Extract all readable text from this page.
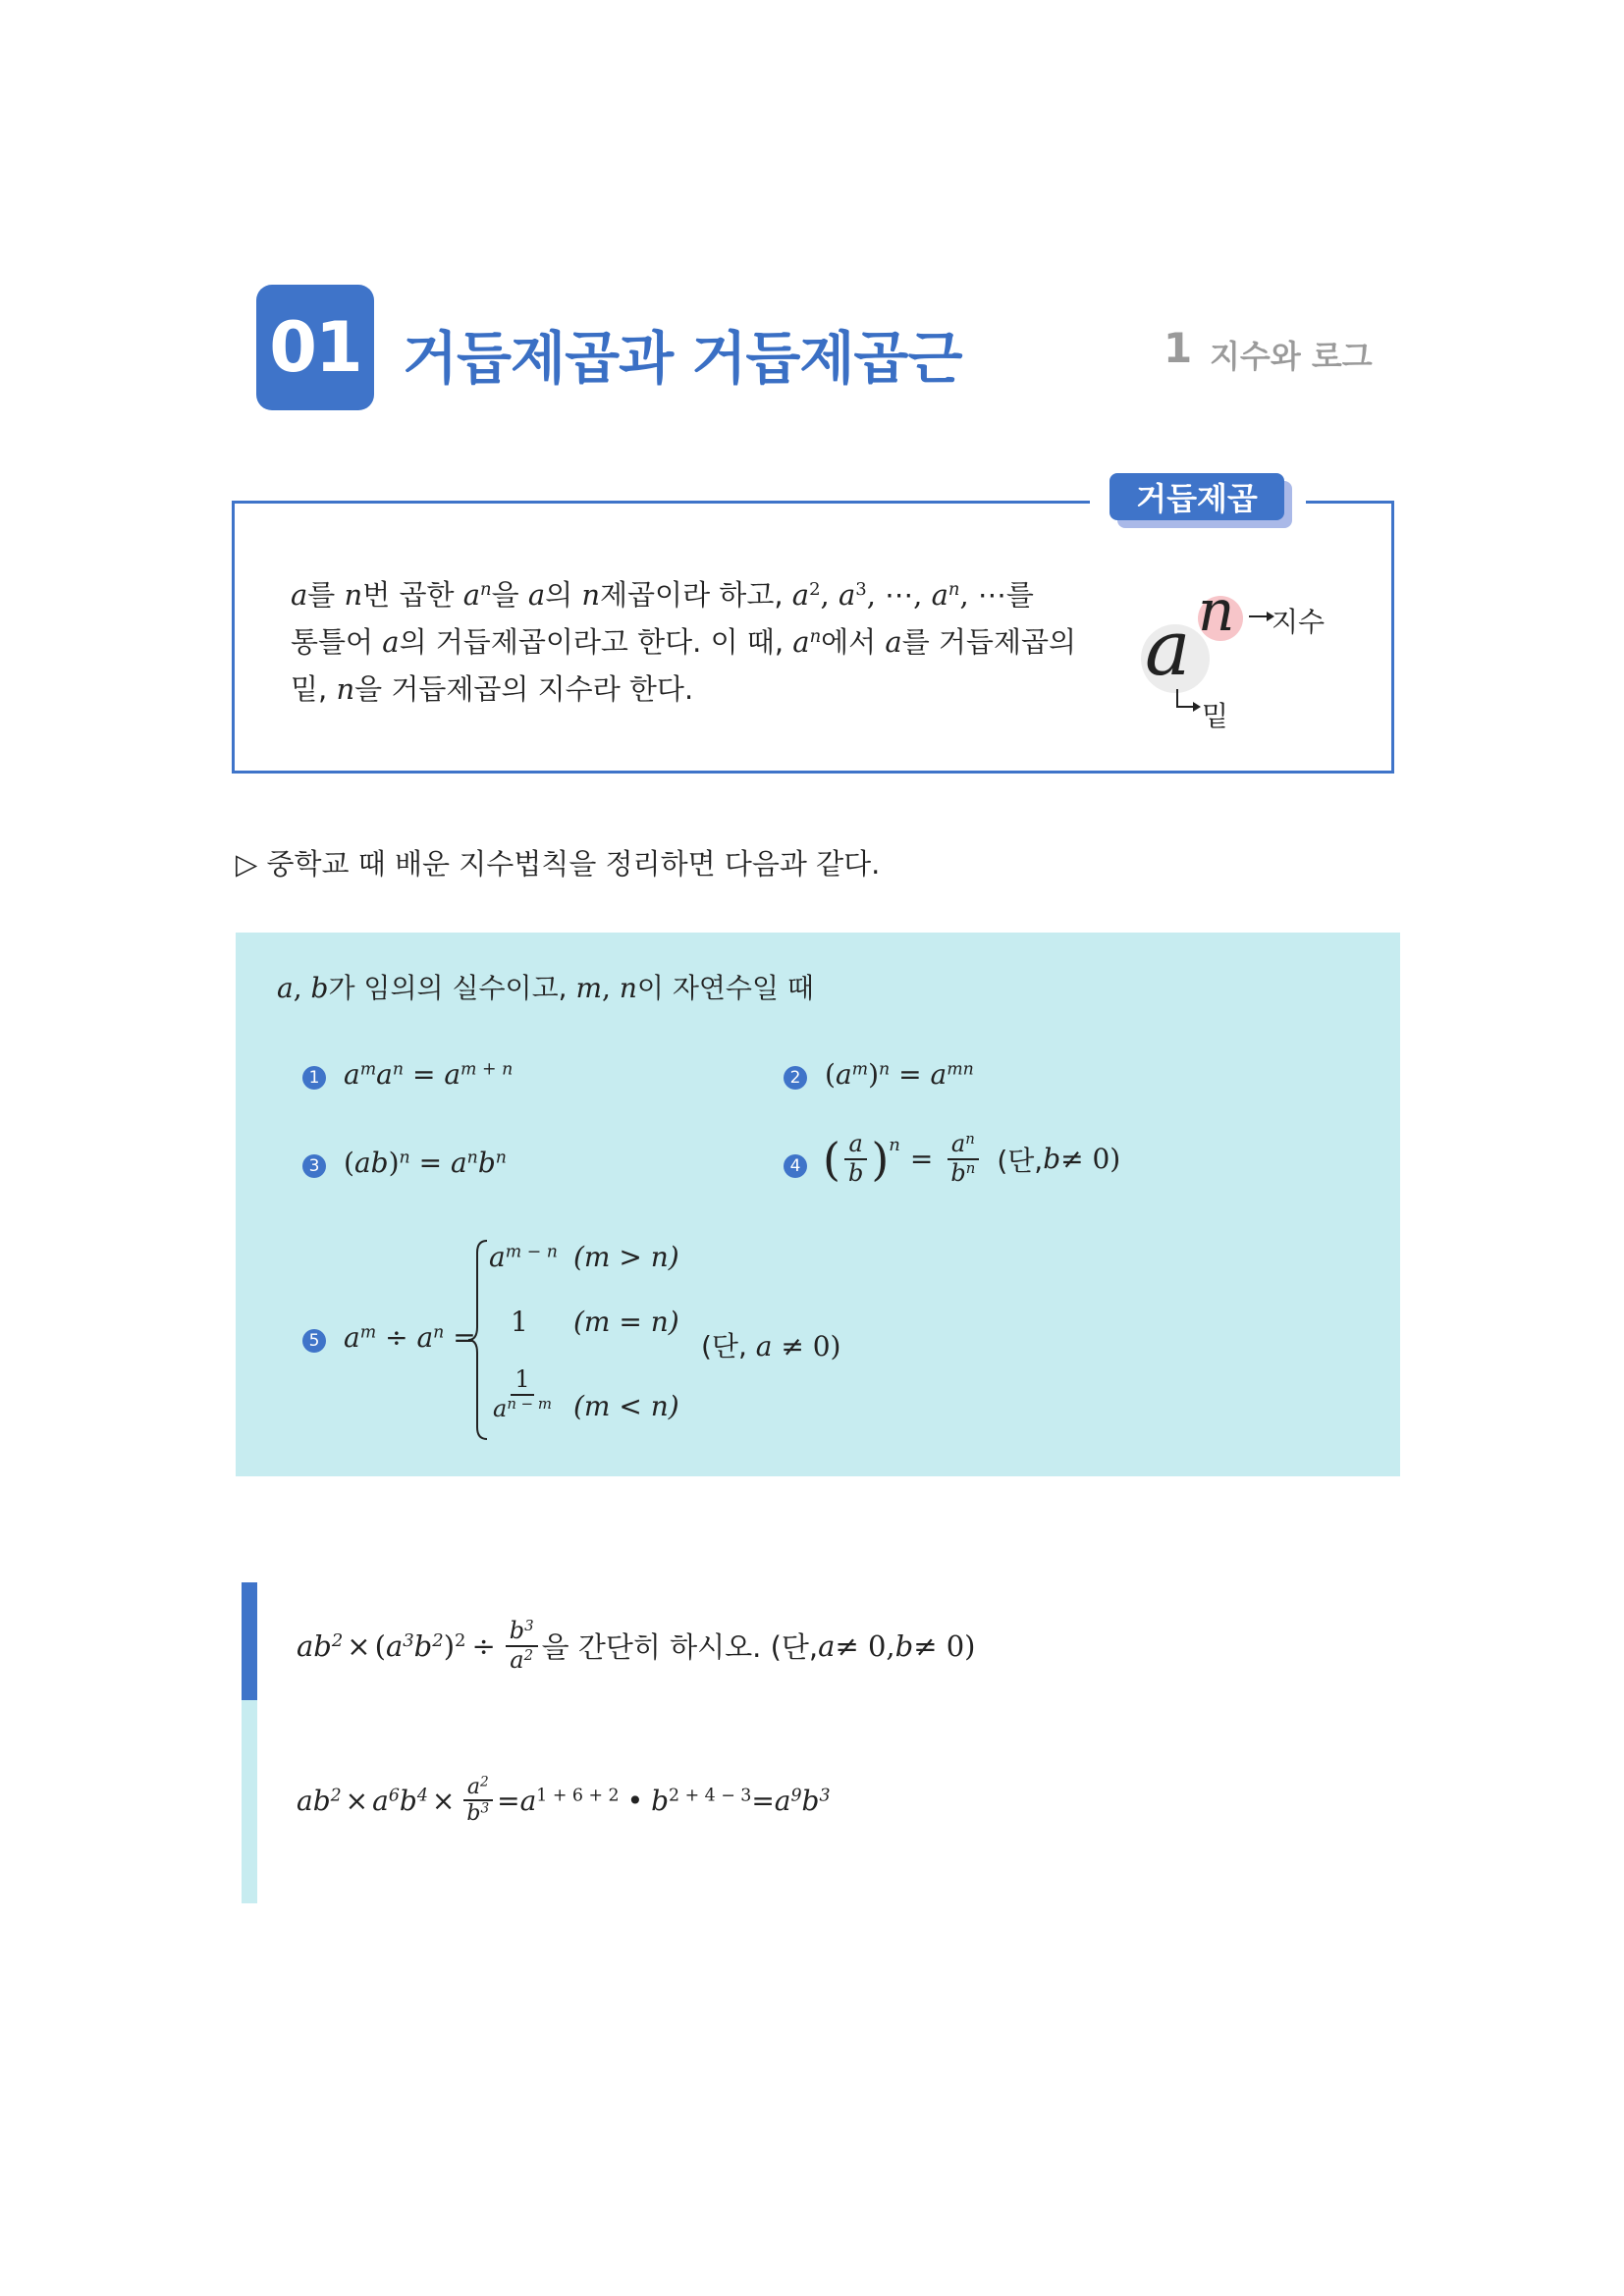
01 거듭제곱과 거듭제곱근	1 지수와 로그
거듭제곱
a를 n번 곱한 $a^n$을 a의 n제곱이라 하고, $a^2$, $a^3$, ⋯, $a^n$, ⋯를
통틀어 a의 거듭제곱이라고 한다. 이 때, $a^n$에서 a를 거듭제곱의
밑, n을 거듭제곱의 지수라 한다.	a n 지수
밑
▷ 중학교 때 배운 지수법칙을 정리하면 다음과 같다.
a, b가 임의의 실수이고, m, n이 자연수일 때
1 $a^ma^n = a^{m + n}$	2 $(a^m)^n = a^{mn}$
3 $(ab)^n = a^nb^n$	4 ( $\frac{a}{b}$ ) $n = \frac{a^n}{b^n}$ (단, b ≠ 0)
5 $a^m \div a^n$ =
$a^{m - n}$ (m > n)
1 (m = n)
$\frac{1}{a^{n - m}} (m < n)$
(단, a ≠ 0)
$ab^2$ × ( $a^3b^2$ ) $^2 \div \frac{b^3}{a^2}$ 을 간단히 하시오. (단, a ≠ 0, b ≠ 0)
$ab^2 \times a^6b^4 \times \frac{a^2}{b^3} = a$ $^{1 + 6 + 2}$ • b $^{2 + 4 - 3} = a^9b^3$
